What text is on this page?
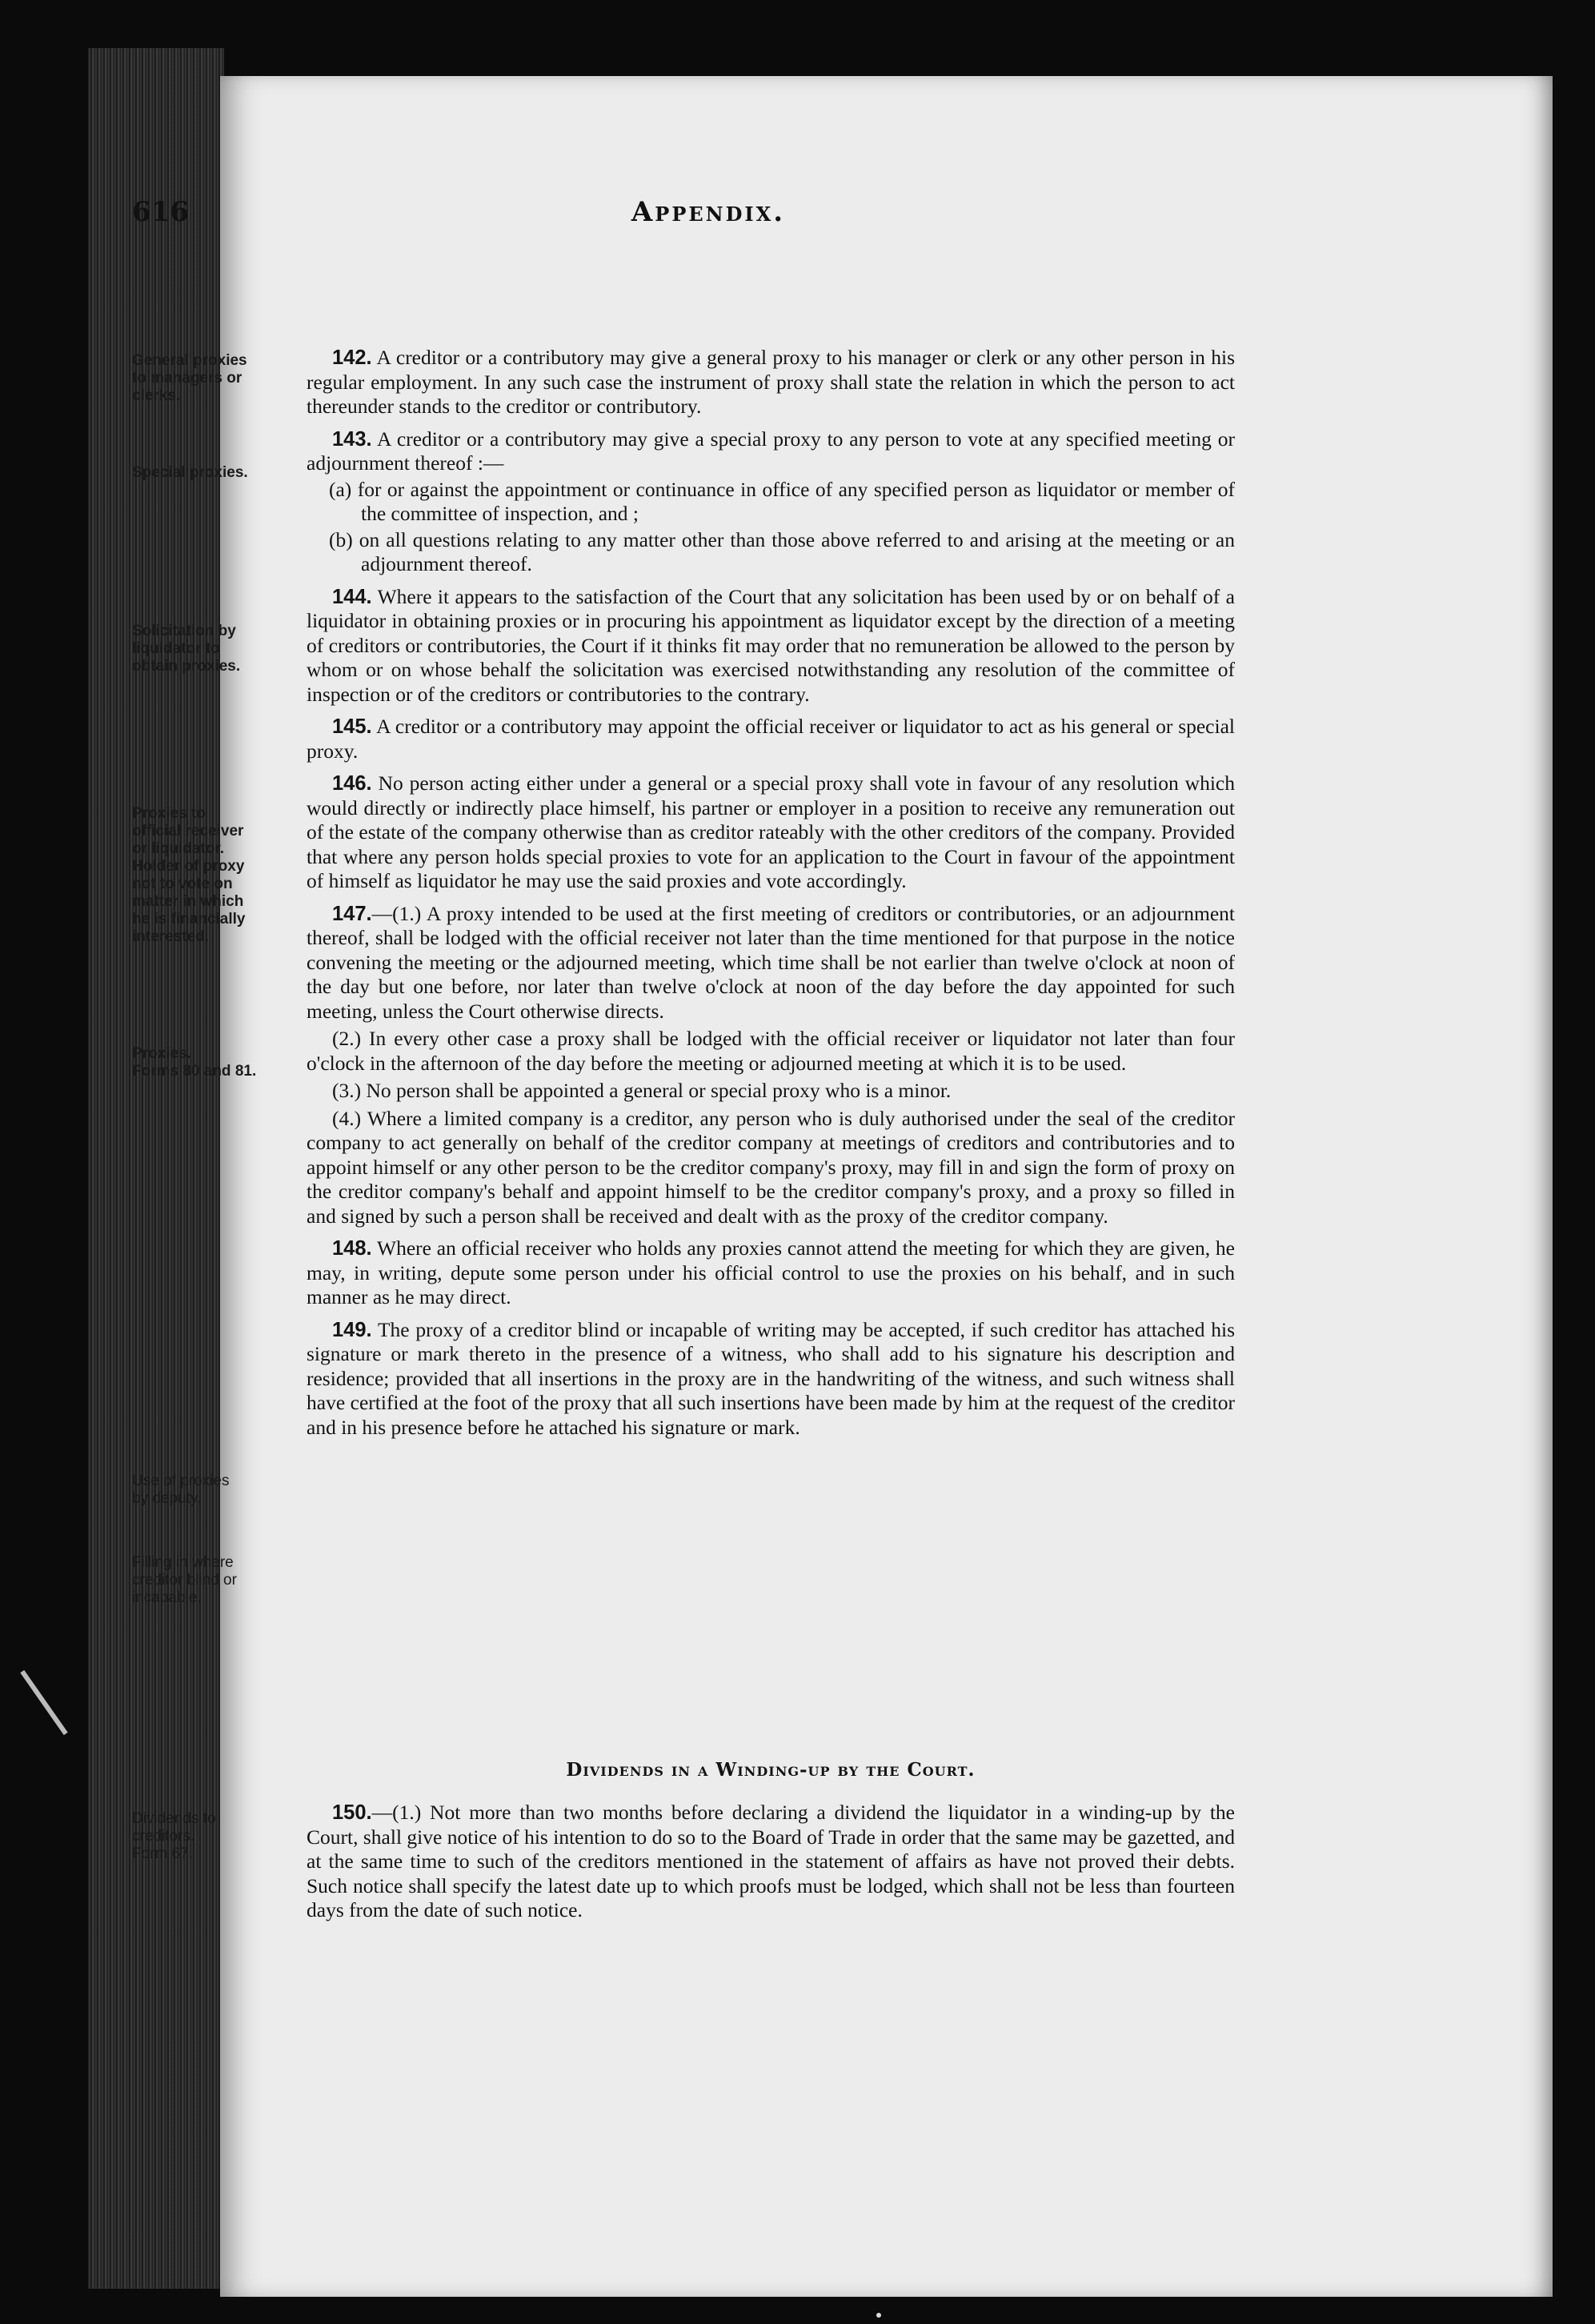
616	Appendix.
General proxies
to managers or
clerks.
Special proxies.
Solicitation by
liquidator to
obtain proxies.
Proxies to
official receiver
or liquidator.
Holder of proxy
not to vote on
matter in which
he is financially
interested.
Proxies.
Forms 80 and 81.
Use of proxies
by deputy.
Filling in where
creditor blind or
incapable.
Dividends to
creditors.
Form 67.

142. A creditor or a contributory may give a general proxy to his manager or clerk or any other person in his regular employment. In any such case the instrument of proxy shall state the relation in which the person to act thereunder stands to the creditor or contributory.

143. A creditor or a contributory may give a special proxy to any person to vote at any specified meeting or adjournment thereof :—

(a) for or against the appointment or continuance in office of any specified person as liquidator or member of the committee of inspection, and ;

(b) on all questions relating to any matter other than those above referred to and arising at the meeting or an adjournment thereof.

144. Where it appears to the satisfaction of the Court that any solicitation has been used by or on behalf of a liquidator in obtaining proxies or in procuring his appointment as liquidator except by the direction of a meeting of creditors or contributories, the Court if it thinks fit may order that no remuneration be allowed to the person by whom or on whose behalf the solicitation was exercised notwithstanding any resolution of the committee of inspection or of the creditors or contributories to the contrary.

145. A creditor or a contributory may appoint the official receiver or liquidator to act as his general or special proxy.

146. No person acting either under a general or a special proxy shall vote in favour of any resolution which would directly or indirectly place himself, his partner or employer in a position to receive any remuneration out of the estate of the company otherwise than as creditor rateably with the other creditors of the company. Provided that where any person holds special proxies to vote for an application to the Court in favour of the appointment of himself as liquidator he may use the said proxies and vote accordingly.

147.—(1.) A proxy intended to be used at the first meeting of creditors or contributories, or an adjournment thereof, shall be lodged with the official receiver not later than the time mentioned for that purpose in the notice convening the meeting or the adjourned meeting, which time shall be not earlier than twelve o'clock at noon of the day but one before, nor later than twelve o'clock at noon of the day before the day appointed for such meeting, unless the Court otherwise directs.

(2.) In every other case a proxy shall be lodged with the official receiver or liquidator not later than four o'clock in the afternoon of the day before the meeting or adjourned meeting at which it is to be used.

(3.) No person shall be appointed a general or special proxy who is a minor.

(4.) Where a limited company is a creditor, any person who is duly authorised under the seal of the creditor company to act generally on behalf of the creditor company at meetings of creditors and contributories and to appoint himself or any other person to be the creditor company's proxy, may fill in and sign the form of proxy on the creditor company's behalf and appoint himself to be the creditor company's proxy, and a proxy so filled in and signed by such a person shall be received and dealt with as the proxy of the creditor company.

148. Where an official receiver who holds any proxies cannot attend the meeting for which they are given, he may, in writing, depute some person under his official control to use the proxies on his behalf, and in such manner as he may direct.

149. The proxy of a creditor blind or incapable of writing may be accepted, if such creditor has attached his signature or mark thereto in the presence of a witness, who shall add to his signature his description and residence; provided that all insertions in the proxy are in the handwriting of the witness, and such witness shall have certified at the foot of the proxy that all such insertions have been made by him at the request of the creditor and in his presence before he attached his signature or mark.

Dividends in a Winding-up by the Court.

150.—(1.) Not more than two months before declaring a dividend the liquidator in a winding-up by the Court, shall give notice of his intention to do so to the Board of Trade in order that the same may be gazetted, and at the same time to such of the creditors mentioned in the statement of affairs as have not proved their debts. Such notice shall specify the latest date up to which proofs must be lodged, which shall not be less than fourteen days from the date of such notice.
